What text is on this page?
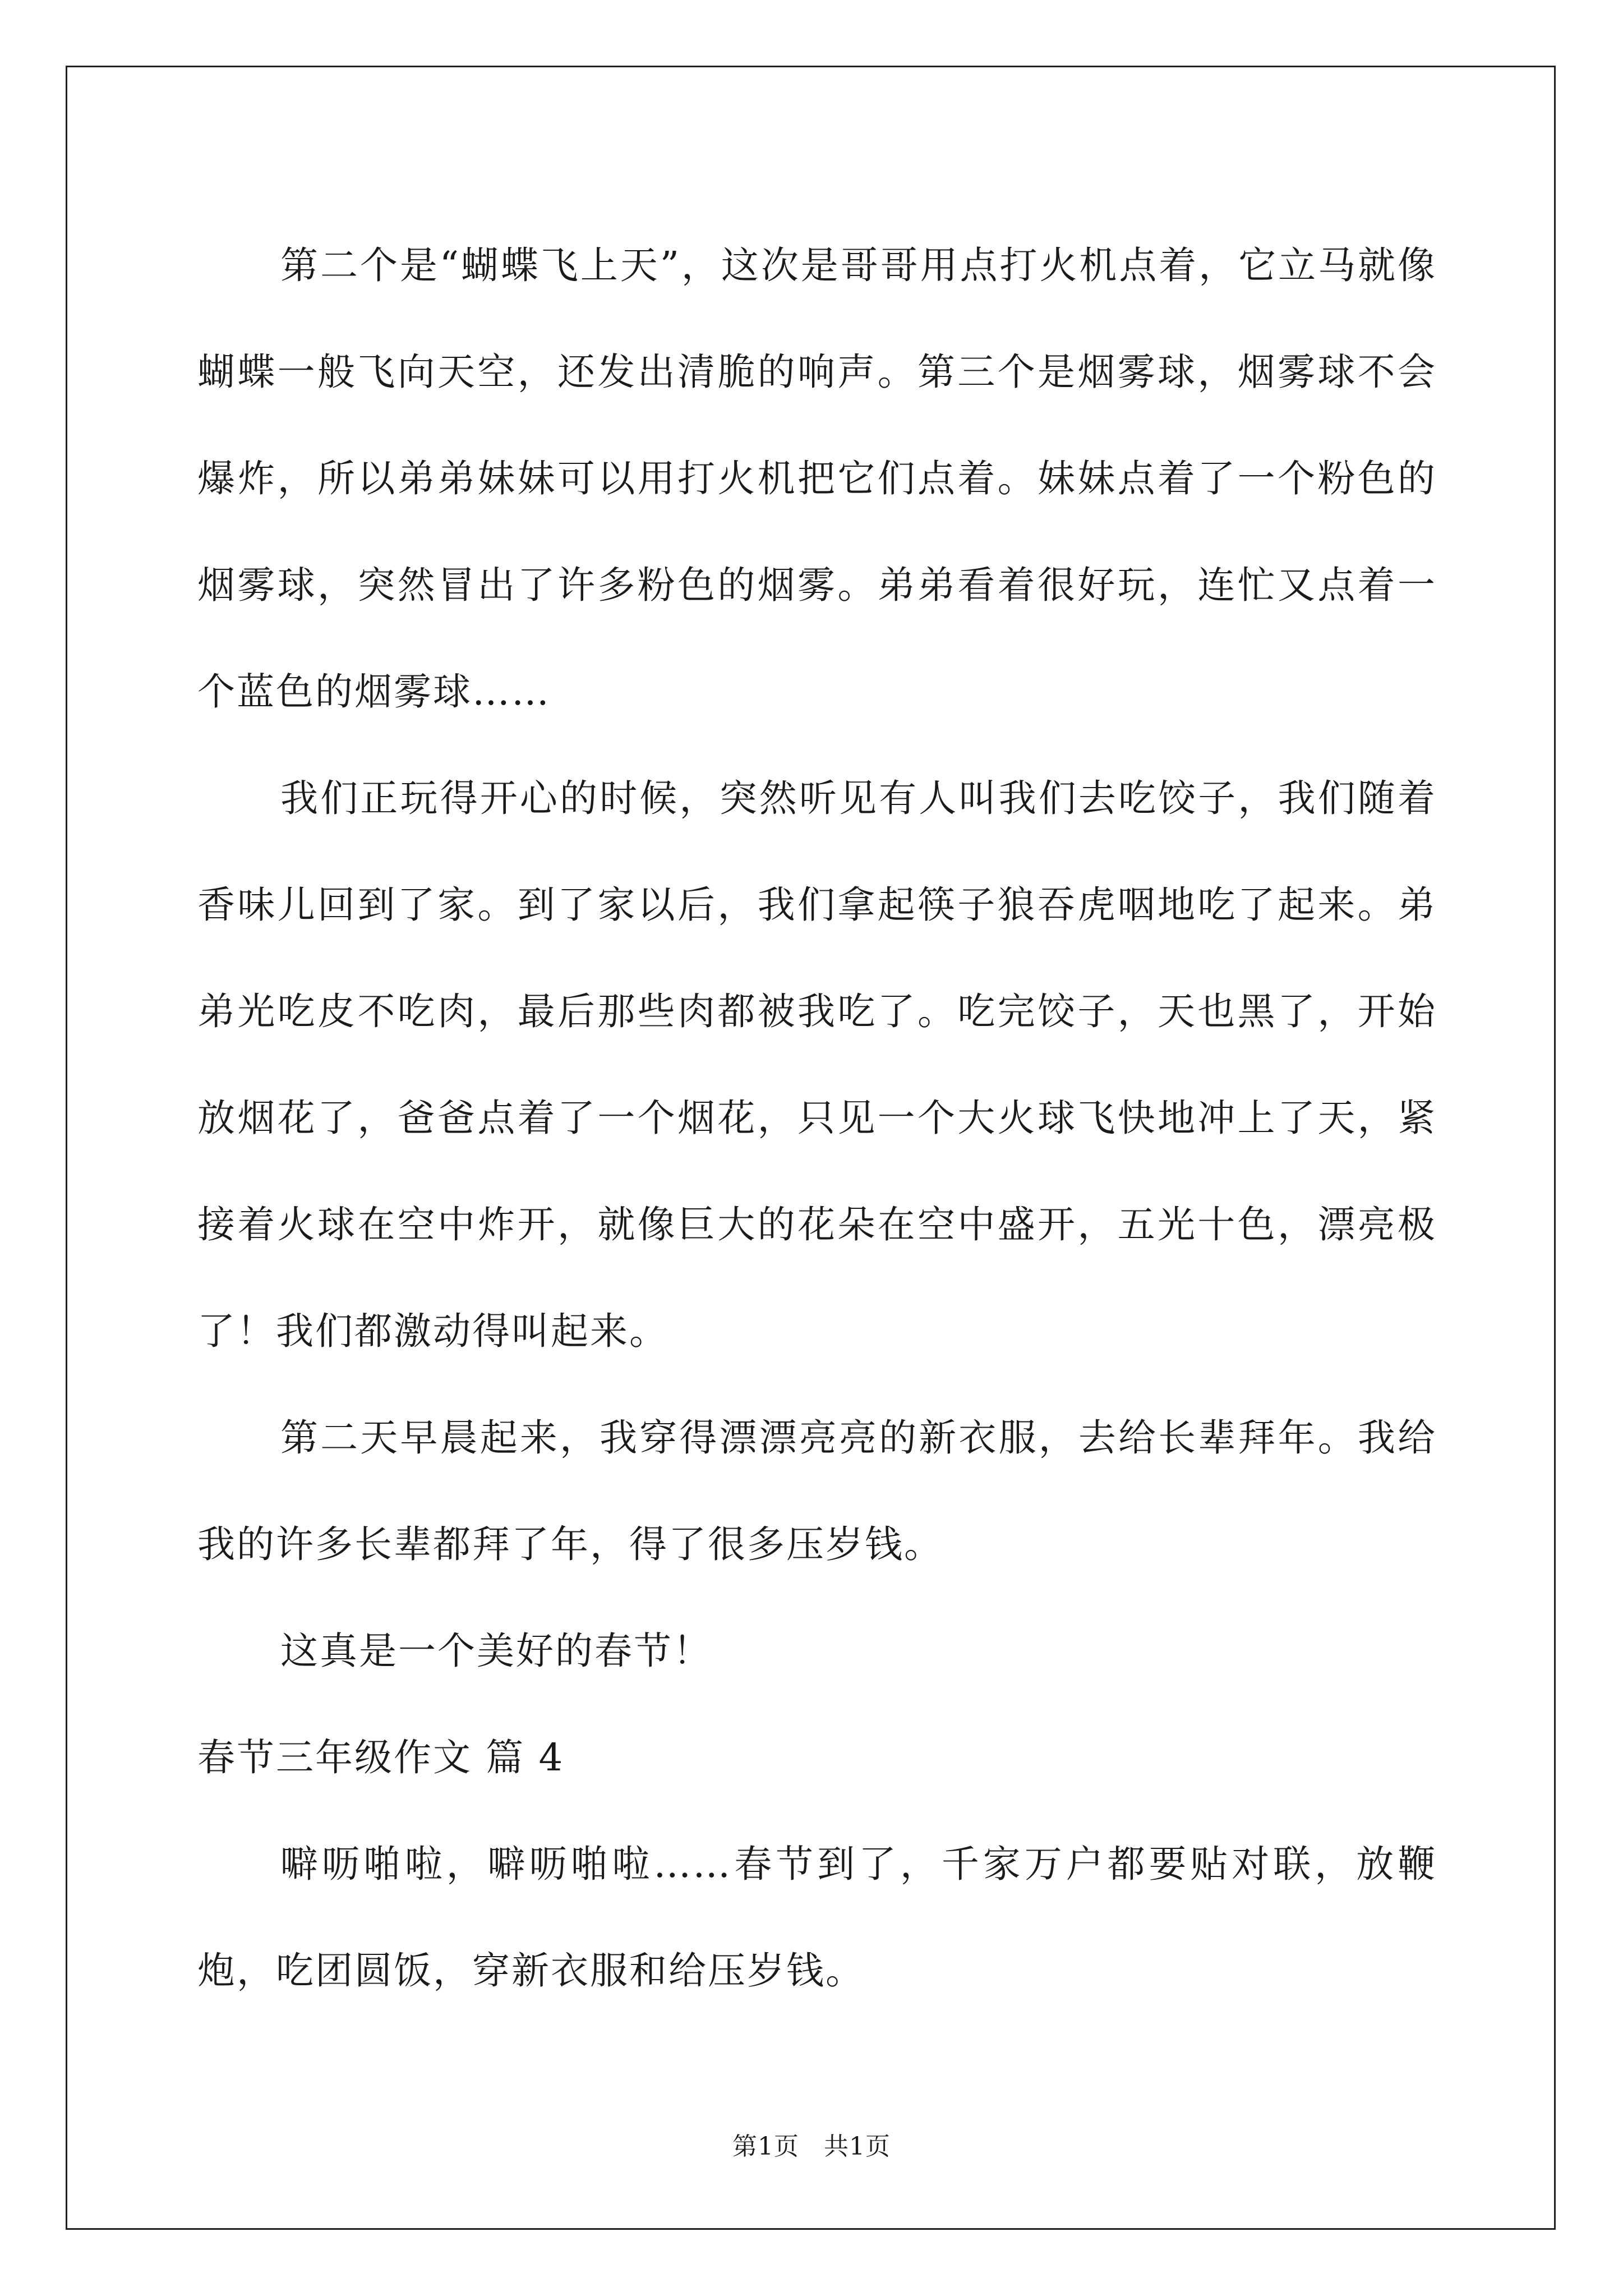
第二个是“蝴蝶飞上天”，这次是哥哥用点打火机点着，它立马就像蝴蝶一般飞向天空，还发出清脆的响声。第三个是烟雾球，烟雾球不会爆炸，所以弟弟妹妹可以用打火机把它们点着。妹妹点着了一个粉色的烟雾球，突然冒出了许多粉色的烟雾。弟弟看着很好玩，连忙又点着一个蓝色的烟雾球……

我们正玩得开心的时候，突然听见有人叫我们去吃饺子，我们随着香味儿回到了家。到了家以后，我们拿起筷子狼吞虎咽地吃了起来。弟弟光吃皮不吃肉，最后那些肉都被我吃了。吃完饺子，天也黑了，开始放烟花了，爸爸点着了一个烟花，只见一个大火球飞快地冲上了天，紧接着火球在空中炸开，就像巨大的花朵在空中盛开，五光十色，漂亮极了！我们都激动得叫起来。

第二天早晨起来，我穿得漂漂亮亮的新衣服，去给长辈拜年。我给我的许多长辈都拜了年，得了很多压岁钱。

这真是一个美好的春节！

春节三年级作文 篇 4

噼呖啪啦，噼呖啪啦……春节到了，千家万户都要贴对联，放鞭炮，吃团圆饭，穿新衣服和给压岁钱。

第1页 共1页
